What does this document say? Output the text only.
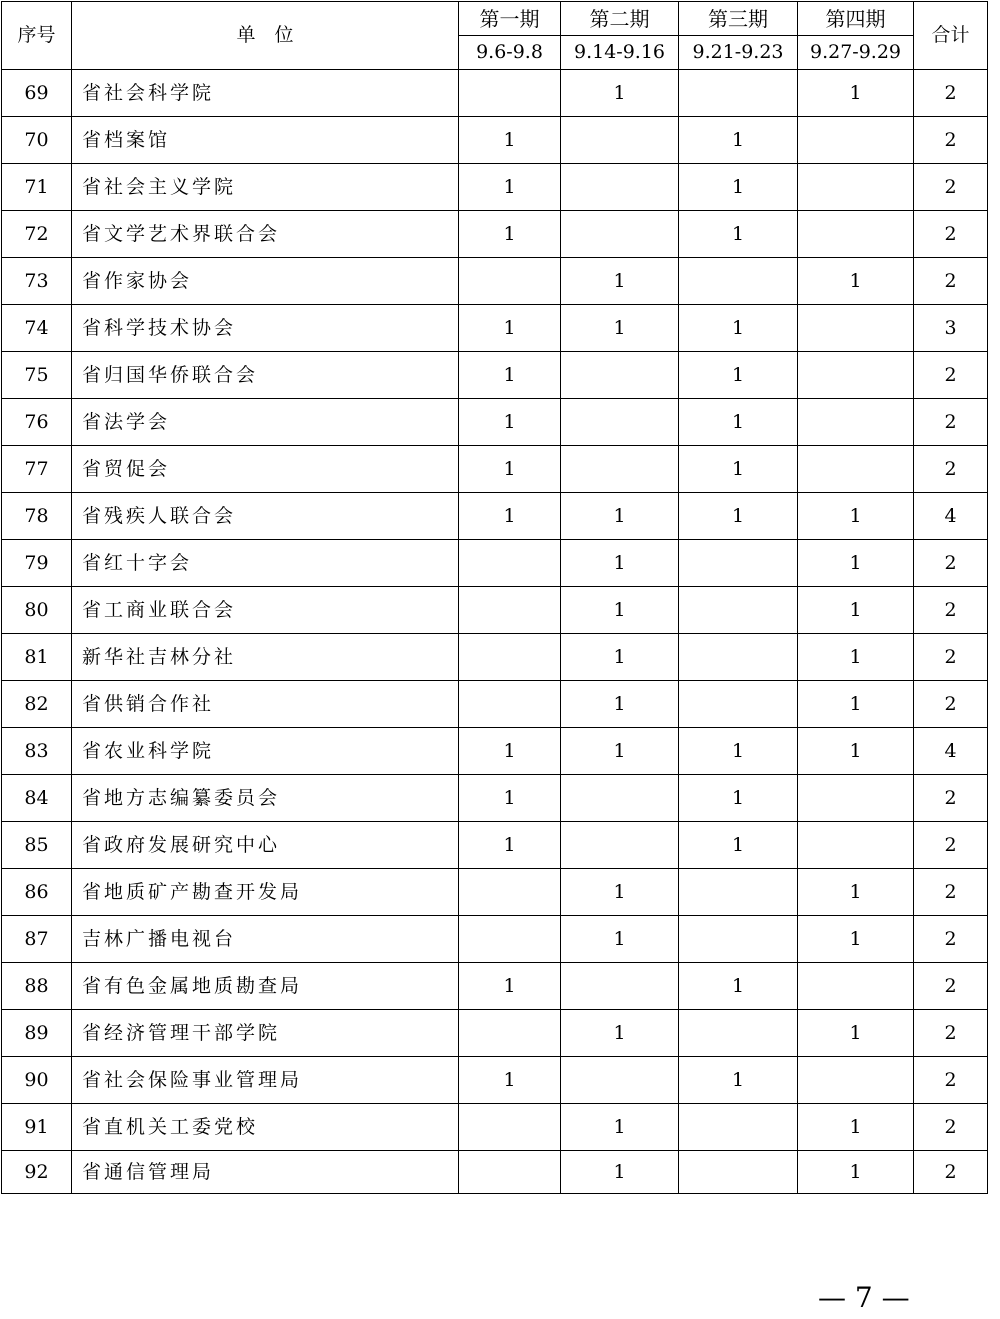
序号	单　位	第一期	第二期	第三期	第四期	合计
		9.6-9.8	9.14-9.16	9.21-9.23	9.27-9.29	
69	省社会科学院		1		1	2
70	省档案馆	1		1		2
71	省社会主义学院	1		1		2
72	省文学艺术界联合会	1		1		2
73	省作家协会		1		1	2
74	省科学技术协会	1	1	1		3
75	省归国华侨联合会	1		1		2
76	省法学会	1		1		2
77	省贸促会	1		1		2
78	省残疾人联合会	1	1	1	1	4
79	省红十字会		1		1	2
80	省工商业联合会		1		1	2
81	新华社吉林分社		1		1	2
82	省供销合作社		1		1	2
83	省农业科学院	1	1	1	1	4
84	省地方志编纂委员会	1		1		2
85	省政府发展研究中心	1		1		2
86	省地质矿产勘查开发局		1		1	2
87	吉林广播电视台		1		1	2
88	省有色金属地质勘查局	1		1		2
89	省经济管理干部学院		1		1	2
90	省社会保险事业管理局	1		1		2
91	省直机关工委党校		1		1	2
92	省通信管理局		1		1	2
— 7 —
